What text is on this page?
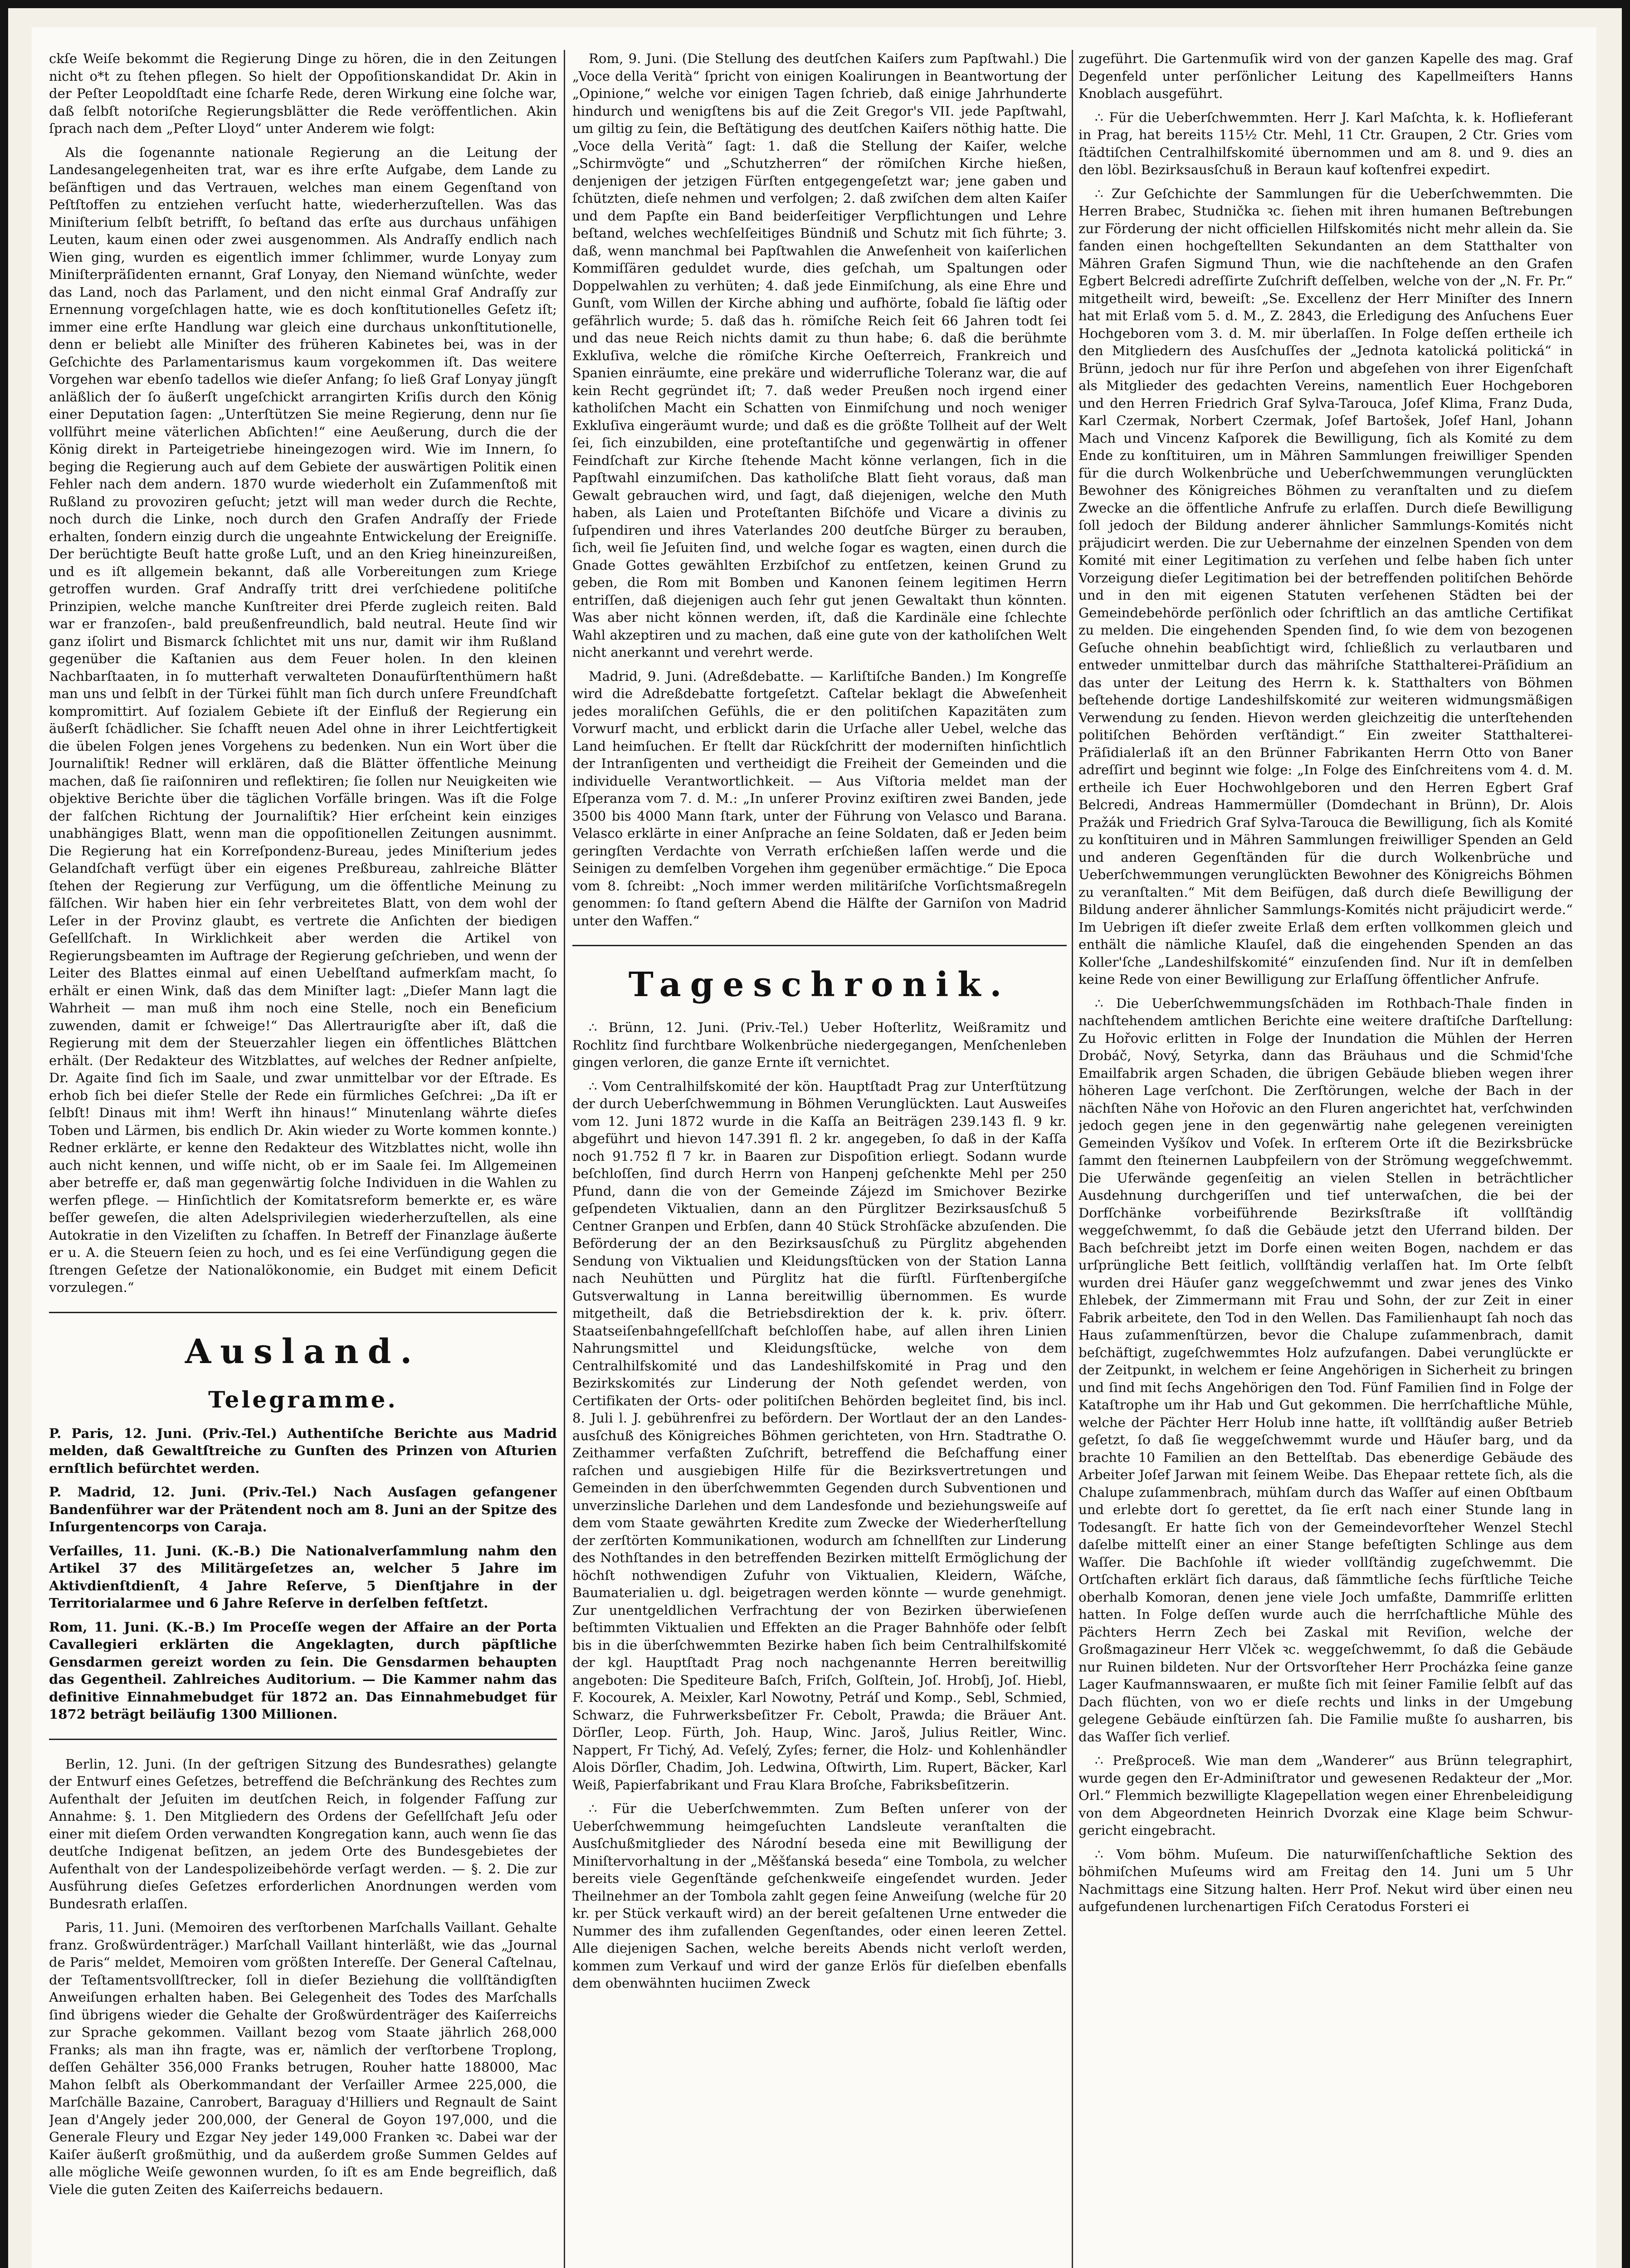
ckſe Weiſe bekommt die Regierung Dinge zu hören, die in den Zeitungen nicht o*t zu ſtehen pflegen. So hielt der Oppoſitionskandidat Dr. Akin in der Peſter Leopoldſtadt eine ſcharfe Rede, deren Wirkung eine ſolche war, daß ſelbſt notoriſche Regierungsblätter die Rede veröffentlichen. Akin ſprach nach dem „Peſter Lloyd“ unter Anderem wie folgt:

Als die ſogenannte nationale Regierung an die Leitung der Landesangelegenheiten trat, war es ihre erſte Aufgabe, dem Lande zu beſänftigen und das Vertrauen, welches man einem Gegenſtand von Peſtſtoffen zu entziehen verſucht hatte, wiederherzuſtellen. Was das Miniſterium ſelbſt betrifft, ſo beſtand das erſte aus durchaus unfähigen Leuten, kaum einen oder zwei ausgenommen. Als Andraſſy endlich nach Wien ging, wurden es eigentlich immer ſchlimmer, wurde Lonyay zum Miniſterpräſidenten ernannt, Graf Lonyay, den Niemand wünſchte, weder das Land, noch das Parlament, und den nicht einmal Graf Andraſſy zur Ernennung vorgeſchlagen hatte, wie es doch konſtitutionelles Geſetz iſt; immer eine erſte Handlung war gleich eine durchaus unkonſtitutionelle, denn er beliebt alle Miniſter des früheren Kabinetes bei, was in der Geſchichte des Parlamentarismus kaum vorgekommen iſt. Das weitere Vorgehen war ebenſo tadellos wie dieſer Anfang; ſo ließ Graf Lonyay jüngſt anläßlich der ſo äußerſt ungeſchickt arrangirten Kriſis durch den König einer Deputation ſagen: „Unterſtützen Sie meine Regierung, denn nur ſie vollführt meine väterlichen Abſichten!“ eine Aeußerung, durch die der König direkt in Parteigetriebe hineingezogen wird. Wie im Innern, ſo beging die Regierung auch auf dem Gebiete der auswärtigen Politik einen Fehler nach dem andern. 1870 wurde wiederholt ein Zuſammenſtoß mit Rußland zu provoziren geſucht; jetzt will man weder durch die Rechte, noch durch die Linke, noch durch den Grafen Andraſſy der Friede erhalten, ſondern einzig durch die ungeahnte Entwickelung der Ereigniſſe. Der berüchtigte Beuſt hatte große Luſt, und an den Krieg hineinzureißen, und es iſt allgemein bekannt, daß alle Vorbereitungen zum Kriege getroffen wurden. Graf Andraſſy tritt drei verſchiedene politiſche Prinzipien, welche manche Kunſtreiter drei Pferde zugleich reiten. Bald war er franzoſen-, bald preußenfreundlich, bald neutral. Heute ſind wir ganz iſolirt und Bismarck ſchlichtet mit uns nur, damit wir ihm Rußland gegenüber die Kaſtanien aus dem Feuer holen. In den kleinen Nachbarſtaaten, in ſo mutterhaft verwalteten Donaufürſtenthümern haßt man uns und ſelbſt in der Türkei fühlt man ſich durch unſere Freundſchaft kompromittirt. Auf ſozialem Gebiete iſt der Einfluß der Regierung ein äußerſt ſchädlicher. Sie ſchafft neuen Adel ohne in ihrer Leichtfertigkeit die übelen Folgen jenes Vorgehens zu bedenken. Nun ein Wort über die Journaliſtik! Redner will erklären, daß die Blätter öffentliche Meinung machen, daß ſie raiſonniren und reflektiren; ſie ſollen nur Neuigkeiten wie objektive Berichte über die täglichen Vorfälle bringen. Was iſt die Folge der falſchen Richtung der Journaliſtik? Hier erſcheint kein einziges unabhängiges Blatt, wenn man die oppoſitionellen Zeitungen ausnimmt. Die Regierung hat ein Korreſpondenz-Bureau, jedes Miniſterium jedes Gelandſchaft verfügt über ein eigenes Preßbureau, zahlreiche Blätter ſtehen der Regierung zur Verfügung, um die öffentliche Meinung zu fälſchen. Wir haben hier ein ſehr verbreitetes Blatt, von dem wohl der Leſer in der Provinz glaubt, es vertrete die Anſichten der biedigen Geſellſchaft. In Wirklichkeit aber werden die Artikel von Regierungsbeamten im Auftrage der Regierung geſchrieben, und wenn der Leiter des Blattes einmal auf einen Uebelſtand aufmerkſam macht, ſo erhält er einen Wink, daß das dem Miniſter lagt: „Dieſer Mann lagt die Wahrheit — man muß ihm noch eine Stelle, noch ein Beneficium zuwenden, damit er ſchweige!“ Das Allertraurigſte aber iſt, daß die Regierung mit dem der Steuerzahler liegen ein öffentliches Blättchen erhält. (Der Redakteur des Witzblattes, auf welches der Redner anſpielte, Dr. Agaite ſind ſich im Saale, und zwar unmittelbar vor der Eſtrade. Es erhob ſich bei dieſer Stelle der Rede ein fürmliches Geſchrei: „Da iſt er ſelbſt! Dinaus mit ihm! Werft ihn hinaus!“ Minutenlang währte dieſes Toben und Lärmen, bis endlich Dr. Akin wieder zu Worte kommen konnte.) Redner erklärte, er kenne den Redakteur des Witzblattes nicht, wolle ihn auch nicht kennen, und wiſſe nicht, ob er im Saale ſei. Im Allgemeinen aber betreffe er, daß man gegenwärtig ſolche Individuen in die Wahlen zu werfen pflege. — Hinſichtlich der Komitatsreform bemerkte er, es wäre beſſer geweſen, die alten Adelsprivilegien wiederherzuſtellen, als eine Autokratie in den Vizeliſten zu ſchaffen. In Betreff der Finanzlage äußerte er u. A. die Steuern ſeien zu hoch, und es ſei eine Verſündigung gegen die ſtrengen Geſetze der Nationalökonomie, ein Budget mit einem Deficit vorzulegen.“

Ausland.
Telegramme.

P. Paris, 12. Juni. (Priv.-Tel.) Authentiſche Berichte aus Madrid melden, daß Gewaltſtreiche zu Gunſten des Prinzen von Aſturien ernſtlich befürchtet werden.

P. Madrid, 12. Juni. (Priv.-Tel.) Nach Ausſagen gefangener Bandenführer war der Prätendent noch am 8. Juni an der Spitze des Inſurgentencorps von Caraja.

Verſailles, 11. Juni. (K.-B.) Die Nationalverſammlung nahm den Artikel 37 des Militärgeſetzes an, welcher 5 Jahre im Aktivdienſtdienſt, 4 Jahre Reſerve, 5 Dienſtjahre in der Territorialarmee und 6 Jahre Reſerve in derſelben feſtſetzt.

Rom, 11. Juni. (K.-B.) Im Proceſſe wegen der Affaire an der Porta Cavallegieri erklärten die Angeklagten, durch päpſtliche Gensdarmen gereizt worden zu ſein. Die Gensdarmen behaupten das Gegentheil. Zahlreiches Auditorium. — Die Kammer nahm das definitive Einnahmebudget für 1872 an. Das Einnahmebudget für 1872 beträgt beiläufig 1300 Millionen.

Berlin, 12. Juni. (In der geſtrigen Sitzung des Bundesrathes) gelangte der Entwurf eines Geſetzes, betreffend die Beſchränkung des Rechtes zum Aufenthalt der Jeſuiten im deutſchen Reich, in folgender Faſſung zur Annahme: §. 1. Den Mitgliedern des Ordens der Geſellſchaft Jeſu oder einer mit dieſem Orden verwandten Kongregation kann, auch wenn ſie das deutſche Indigenat beſitzen, an jedem Orte des Bundesgebietes der Aufenthalt von der Landespolizeibehörde verſagt werden. — §. 2. Die zur Ausführung dieſes Geſetzes erforderlichen Anordnungen werden vom Bundesrath erlaſſen.

Paris, 11. Juni. (Memoiren des verſtorbenen Marſchalls Vaillant. Gehalte franz. Großwürdenträger.) Marſchall Vaillant hinterläßt, wie das „Journal de Paris“ meldet, Memoiren vom größten Intereſſe. Der General Caſtelnau, der Teſtamentsvollſtrecker, ſoll in dieſer Beziehung die vollſtändigſten Anweiſungen erhalten haben. Bei Gelegenheit des Todes des Marſchalls ſind übrigens wieder die Gehalte der Großwürdenträger des Kaiſerreichs zur Sprache gekommen. Vaillant bezog vom Staate jährlich 268,000 Franks; als man ihn fragte, was er, nämlich der verſtorbene Troplong, deſſen Gehälter 356,000 Franks betrugen, Rouher hatte 188000, Mac Mahon ſelbſt als Oberkommandant der Verſailler Armee 225,000, die Marſchälle Bazaine, Canrobert, Baraguay d'Hilliers und Regnault de Saint Jean d'Angely jeder 200,000, der General de Goyon 197,000, und die Generale Fleury und Ezgar Ney jeder 149,000 Franken ꝛc. Dabei war der Kaiſer äußerſt großmüthig, und da außerdem große Summen Geldes auf alle mögliche Weiſe gewonnen wurden, ſo iſt es am Ende begreiflich, daß Viele die guten Zeiten des Kaiſerreichs bedauern.

Rom, 9. Juni. (Die Stellung des deutſchen Kaiſers zum Papſtwahl.) Die „Voce della Verità“ ſpricht von einigen Koalirungen in Beantwortung der „Opinione,“ welche vor einigen Tagen ſchrieb, daß einige Jahrhunderte hindurch und wenigſtens bis auf die Zeit Gregor's VII. jede Papſtwahl, um giltig zu ſein, die Beſtätigung des deutſchen Kaiſers nöthig hatte. Die „Voce della Verità“ ſagt: 1. daß die Stellung der Kaiſer, welche „Schirmvögte“ und „Schutzherren“ der römiſchen Kirche hießen, denjenigen der jetzigen Fürſten entgegengeſetzt war; jene gaben und ſchützten, dieſe nehmen und verfolgen; 2. daß zwiſchen dem alten Kaiſer und dem Papſte ein Band beiderſeitiger Verpflichtungen und Lehre beſtand, welches wechſelſeitiges Bündniß und Schutz mit ſich führte; 3. daß, wenn manchmal bei Papſtwahlen die Anweſenheit von kaiſerlichen Kommiſſären geduldet wurde, dies geſchah, um Spaltungen oder Doppelwahlen zu verhüten; 4. daß jede Einmiſchung, als eine Ehre und Gunſt, vom Willen der Kirche abhing und aufhörte, ſobald ſie läſtig oder gefährlich wurde; 5. daß das h. römiſche Reich ſeit 66 Jahren todt ſei und das neue Reich nichts damit zu thun habe; 6. daß die berühmte Exkluſiva, welche die römiſche Kirche Oeſterreich, Frankreich und Spanien einräumte, eine prekäre und widerrufliche Toleranz war, die auf kein Recht gegründet iſt; 7. daß weder Preußen noch irgend einer katholiſchen Macht ein Schatten von Einmiſchung und noch weniger Exkluſiva eingeräumt wurde; und daß es die größte Tollheit auf der Welt ſei, ſich einzubilden, eine proteſtantiſche und gegenwärtig in offener Feindſchaft zur Kirche ſtehende Macht könne verlangen, ſich in die Papſtwahl einzumiſchen. Das katholiſche Blatt ſieht voraus, daß man Gewalt gebrauchen wird, und ſagt, daß diejenigen, welche den Muth haben, als Laien und Proteſtanten Biſchöfe und Vicare a divinis zu ſuſpendiren und ihres Vaterlandes 200 deutſche Bürger zu berauben, ſich, weil ſie Jeſuiten ſind, und welche ſogar es wagten, einen durch die Gnade Gottes gewählten Erzbiſchof zu entſetzen, keinen Grund zu geben, die Rom mit Bomben und Kanonen ſeinem legitimen Herrn entriſſen, daß diejenigen auch ſehr gut jenen Gewaltakt thun könnten. Was aber nicht können werden, iſt, daß die Kardinäle eine ſchlechte Wahl akzeptiren und zu machen, daß eine gute von der katholiſchen Welt nicht anerkannt und verehrt werde.

Madrid, 9. Juni. (Adreßdebatte. — Karliſtiſche Banden.) Im Kongreſſe wird die Adreßdebatte fortgeſetzt. Caſtelar beklagt die Abweſenheit jedes moraliſchen Gefühls, die er den politiſchen Kapazitäten zum Vorwurf macht, und erblickt darin die Urſache aller Uebel, welche das Land heimſuchen. Er ſtellt dar Rückſchritt der moderniſten hinſichtlich der Intranſigenten und vertheidigt die Freiheit der Gemeinden und die individuelle Verantwortlichkeit. — Aus Viſtoria meldet man der Eſperanza vom 7. d. M.: „In unſerer Provinz exiſtiren zwei Banden, jede 3500 bis 4000 Mann ſtark, unter der Führung von Velasco und Barana. Velasco erklärte in einer Anſprache an ſeine Soldaten, daß er Jeden beim geringſten Verdachte von Verrath erſchießen laſſen werde und die Seinigen zu demſelben Vorgehen ihm gegenüber ermächtige.“ Die Epoca vom 8. ſchreibt: „Noch immer werden militäriſche Vorſichtsmaßregeln genommen: ſo ſtand geſtern Abend die Hälfte der Garniſon von Madrid unter den Waffen.“

Tageschronik.

∴ Brünn, 12. Juni. (Priv.-Tel.) Ueber Hoſterlitz, Weißramitz und Rochlitz ſind furchtbare Wolkenbrüche niedergegangen, Menſchenleben gingen verloren, die ganze Ernte iſt vernichtet.

∴ Vom Centralhilfskomité der kön. Hauptſtadt Prag zur Unterſtützung der durch Ueberſchwemmung in Böhmen Verunglückten. Laut Ausweiſes vom 12. Juni 1872 wurde in die Kaſſa an Beiträgen 239.143 fl. 9 kr. abgeführt und hievon 147.391 fl. 2 kr. angegeben, ſo daß in der Kaſſa noch 91.752 fl 7 kr. in Baaren zur Dispoſition erliegt. Sodann wurde beſchloſſen, ſind durch Herrn von Hanpenj geſchenkte Mehl per 250 Pfund, dann die von der Gemeinde Zájezd im Smichover Bezirke geſpendeten Viktualien, dann an den Pürglitzer Bezirksausſchuß 5 Centner Granpen und Erbſen, dann 40 Stück Strohſäcke abzuſenden. Die Beförderung der an den Bezirksausſchuß zu Pürglitz abgehenden Sendung von Viktualien und Kleidungsſtücken von der Station Lanna nach Neuhütten und Pürglitz hat die fürſtl. Fürſtenbergiſche Gutsverwaltung in Lanna bereitwillig übernommen. Es wurde mitgetheilt, daß die Betriebsdirektion der k. k. priv. öſterr. Staatseiſenbahngeſellſchaft beſchloſſen habe, auf allen ihren Linien Nahrungsmittel und Kleidungsſtücke, welche von dem Centralhilfskomité und das Landeshilfskomité in Prag und den Bezirkskomités zur Linderung der Noth geſendet werden, von Certifikaten der Orts- oder politiſchen Behörden begleitet ſind, bis incl. 8. Juli l. J. gebührenfrei zu befördern. Der Wortlaut der an den Landesausſchuß des Königreiches Böhmen gerichteten, von Hrn. Stadtrathe O. Zeithammer verfaßten Zuſchrift, betreffend die Beſchaffung einer raſchen und ausgiebigen Hilfe für die Bezirksvertretungen und Gemeinden in den überſchwemmten Gegenden durch Subventionen und unverzinsliche Darlehen und dem Landesfonde und beziehungsweiſe auf dem vom Staate gewährten Kredite zum Zwecke der Wiederherſtellung der zerſtörten Kommunikationen, wodurch am ſchnellſten zur Linderung des Nothſtandes in den betreffenden Bezirken mittelſt Ermöglichung der höchſt nothwendigen Zufuhr von Viktualien, Kleidern, Wäſche, Baumaterialien u. dgl. beigetragen werden könnte — wurde genehmigt. Zur unentgeldlichen Verfrachtung der von Bezirken überwieſenen beſtimmten Viktualien und Effekten an die Prager Bahnhöfe oder ſelbſt bis in die überſchwemmten Bezirke haben ſich beim Centralhilfskomité der kgl. Hauptſtadt Prag noch nachgenannte Herren bereitwillig angeboten: Die Spediteure Baſch, Friſch, Golſtein, Joſ. Hrobſj, Joſ. Hiebl, F. Kocourek, A. Meixler, Karl Nowotny, Petráſ und Komp., Sebl, Schmied, Schwarz, die Fuhrwerksbeſitzer Fr. Cebolt, Prawda; die Bräuer Ant. Dörſler, Leop. Fürth, Joh. Haup, Winc. Jaroš, Julius Reitler, Winc. Nappert, Fr Tichý, Ad. Veſelý, Zyſes; ferner, die Holz- und Kohlenhändler Alois Dörſler, Chadim, Joh. Ledwina, Oſtwirth, Lim. Rupert, Bäcker, Karl Weiß, Papierfabrikant und Frau Klara Broſche, Fabriksbeſitzerin.

∴ Für die Ueberſchwemmten. Zum Beſten unſerer von der Ueberſchwemmung heimgeſuchten Landsleute veranſtalten die Ausſchußmitglieder des Národní beseda eine mit Bewilligung der Miniſtervorhaltung in der „Měšťanská beseda“ eine Tombola, zu welcher bereits viele Gegenſtände geſchenkweiſe eingeſendet wurden. Jeder Theilnehmer an der Tombola zahlt gegen ſeine Anweiſung (welche für 20 kr. per Stück verkauft wird) an der bereit geſaltenen Urne entweder die Nummer des ihm zufallenden Gegenſtandes, oder einen leeren Zettel. Alle diejenigen Sachen, welche bereits Abends nicht verloſt werden, kommen zum Verkauf und wird der ganze Erlös für dieſelben ebenfalls dem obenwähnten huciimen Zweck

zugeführt. Die Gartenmuſik wird von der ganzen Kapelle des mag. Graf Degenfeld unter perſönlicher Leitung des Kapellmeiſters Hanns Knoblach ausgeführt.

∴ Für die Ueberſchwemmten. Herr J. Karl Maſchta, k. k. Hoflieferant in Prag, hat bereits 115½ Ctr. Mehl, 11 Ctr. Graupen, 2 Ctr. Gries vom ſtädtiſchen Centralhilfskomité übernommen und am 8. und 9. dies an den löbl. Bezirksausſchuß in Beraun kauf koſtenfrei expedirt.

∴ Zur Geſchichte der Sammlungen für die Ueberſchwemmten. Die Herren Brabec, Studnička ꝛc. ſiehen mit ihren humanen Beſtrebungen zur Förderung der nicht officiellen Hilfskomités nicht mehr allein da. Sie fanden einen hochgeſtellten Sekundanten an dem Statthalter von Mähren Grafen Sigmund Thun, wie die nachſtehende an den Grafen Egbert Belcredi adreſſirte Zuſchrift deſſelben, welche von der „N. Fr. Pr.“ mitgetheilt wird, beweiſt: „Se. Excellenz der Herr Miniſter des Innern hat mit Erlaß vom 5. d. M., Z. 2843, die Erledigung des Anſuchens Euer Hochgeboren vom 3. d. M. mir überlaſſen. In Folge deſſen ertheile ich den Mitgliedern des Ausſchuſſes der „Jednota katolická politická“ in Brünn, jedoch nur für ihre Perſon und abgeſehen von ihrer Eigenſchaft als Mitglieder des gedachten Vereins, namentlich Euer Hochgeboren und den Herren Friedrich Graf Sylva-Tarouca, Joſef Klima, Franz Duda, Karl Czermak, Norbert Czermak, Joſef Bartošek, Joſef Hanl, Johann Mach und Vincenz Kaſporek die Bewilligung, ſich als Komité zu dem Ende zu konſtituiren, um in Mähren Sammlungen freiwilliger Spenden für die durch Wolkenbrüche und Ueberſchwemmungen verunglückten Bewohner des Königreiches Böhmen zu veranſtalten und zu dieſem Zwecke an die öffentliche Anfrufe zu erlaſſen. Durch dieſe Bewilligung ſoll jedoch der Bildung anderer ähnlicher Sammlungs-Komités nicht präjudicirt werden. Die zur Uebernahme der einzelnen Spenden von dem Komité mit einer Legitimation zu verſehen und ſelbe haben ſich unter Vorzeigung dieſer Legitimation bei der betreffenden politiſchen Behörde und in den mit eigenen Statuten verſehenen Städten bei der Gemeindebehörde perſönlich oder ſchriftlich an das amtliche Certifikat zu melden. Die eingehenden Spenden ſind, ſo wie dem von bezogenen Geſuche ohnehin beabſichtigt wird, ſchließlich zu verlautbaren und entweder unmittelbar durch das mähriſche Statthalterei-Präſidium an das unter der Leitung des Herrn k. k. Statthalters von Böhmen beſtehende dortige Landeshilfskomité zur weiteren widmungsmäßigen Verwendung zu ſenden. Hievon werden gleichzeitig die unterſtehenden politiſchen Behörden verſtändigt.“ Ein zweiter Statthalterei-Präſidialerlaß iſt an den Brünner Fabrikanten Herrn Otto von Baner adreſſirt und beginnt wie folge: „In Folge des Einſchreitens vom 4. d. M. ertheile ich Euer Hochwohlgeboren und den Herren Egbert Graf Belcredi, Andreas Hammermüller (Domdechant in Brünn), Dr. Alois Pražák und Friedrich Graf Sylva-Tarouca die Bewilligung, ſich als Komité zu konſtituiren und in Mähren Sammlungen freiwilliger Spenden an Geld und anderen Gegenſtänden für die durch Wolkenbrüche und Ueberſchwemmungen verunglückten Bewohner des Königreichs Böhmen zu veranſtalten.“ Mit dem Beifügen, daß durch dieſe Bewilligung der Bildung anderer ähnlicher Sammlungs-Komités nicht präjudicirt werde.“ Im Uebrigen iſt dieſer zweite Erlaß dem erſten vollkommen gleich und enthält die nämliche Klauſel, daß die eingehenden Spenden an das Koller'ſche „Landeshilfskomité“ einzuſenden ſind. Nur iſt in demſelben keine Rede von einer Bewilligung zur Erlaſſung öffentlicher Anfrufe.

∴ Die Ueberſchwemmungsſchäden im Rothbach-Thale finden in nachſtehendem amtlichen Berichte eine weitere draſtiſche Darſtellung: Zu Hořovic erlitten in Folge der Inundation die Mühlen der Herren Drobáč, Nový, Setyrka, dann das Bräuhaus und die Schmid'ſche Emailfabrik argen Schaden, die übrigen Gebäude blieben wegen ihrer höheren Lage verſchont. Die Zerſtörungen, welche der Bach in der nächſten Nähe von Hořovic an den Fluren angerichtet hat, verſchwinden jedoch gegen jene in den gegenwärtig nahe gelegenen vereinigten Gemeinden Vyšíkov und Voſek. In erſterem Orte iſt die Bezirksbrücke ſammt den ſteinernen Laubpfeilern von der Strömung weggeſchwemmt. Die Uferwände gegenſeitig an vielen Stellen in beträchtlicher Ausdehnung durchgeriſſen und tief unterwaſchen, die bei der Dorfſchänke vorbeiführende Bezirksſtraße iſt vollſtändig weggeſchwemmt, ſo daß die Gebäude jetzt den Uferrand bilden. Der Bach beſchreibt jetzt im Dorfe einen weiten Bogen, nachdem er das urſprüngliche Bett ſeitlich, vollſtändig verlaſſen hat. Im Orte ſelbſt wurden drei Häuſer ganz weggeſchwemmt und zwar jenes des Vinko Ehlebek, der Zimmermann mit Frau und Sohn, der zur Zeit in einer Fabrik arbeitete, den Tod in den Wellen. Das Familienhaupt ſah noch das Haus zuſammenſtürzen, bevor die Chalupe zuſammenbrach, damit beſchäftigt, zugeſchwemmtes Holz aufzufangen. Dabei verunglückte er der Zeitpunkt, in welchem er ſeine Angehörigen in Sicherheit zu bringen und ſind mit ſechs Angehörigen den Tod. Fünf Familien ſind in Folge der Kataſtrophe um ihr Hab und Gut gekommen. Die herrſchaftliche Mühle, welche der Pächter Herr Holub inne hatte, iſt vollſtändig außer Betrieb geſetzt, ſo daß ſie weggeſchwemmt wurde und Häuſer barg, und da brachte 10 Familien an den Bettelſtab. Das ebenerdige Gebäude des Arbeiter Joſef Jarwan mit ſeinem Weibe. Das Ehepaar rettete ſich, als die Chalupe zuſammenbrach, mühſam durch das Waſſer auf einen Obſtbaum und erlebte dort ſo gerettet, da ſie erſt nach einer Stunde lang in Todesangſt. Er hatte ſich von der Gemeindevorſteher Wenzel Stechl daſelbe mittelſt einer an einer Stange befeſtigten Schlinge aus dem Waſſer. Die Bachſohle iſt wieder vollſtändig zugeſchwemmt. Die Ortſchaften erklärt ſich daraus, daß ſämmtliche ſechs fürſtliche Teiche oberhalb Komoran, denen jene viele Joch umfaßte, Dammriſſe erlitten hatten. In Folge deſſen wurde auch die herrſchaftliche Mühle des Pächters Herrn Zech bei Zaskal mit Reviſion, welche der Großmagazineur Herr Vlček ꝛc. weggeſchwemmt, ſo daß die Gebäude nur Ruinen bildeten. Nur der Ortsvorſteher Herr Procházka ſeine ganze Lager Kaufmannswaaren, er mußte ſich mit ſeiner Familie ſelbſt auf das Dach flüchten, von wo er dieſe rechts und links in der Umgebung gelegene Gebäude einſtürzen ſah. Die Familie mußte ſo ausharren, bis das Waſſer ſich verlief.

∴ Preßproceß. Wie man dem „Wanderer“ aus Brünn telegraphirt, wurde gegen den Er-Adminiſtrator und gewesenen Redakteur der „Mor. Orl.“ Flemmich bezwilligte Klagepellation wegen einer Ehrenbeleidigung von dem Abgeordneten Heinrich Dvorzak eine Klage beim Schwurgericht eingebracht.

∴ Vom böhm. Muſeum. Die naturwiſſenſchaftliche Sektion des böhmiſchen Muſeums wird am Freitag den 14. Juni um 5 Uhr Nachmittags eine Sitzung halten. Herr Prof. Nekut wird über einen neu aufgefundenen lurchenartigen Fiſch Ceratodus Forsteri ei
